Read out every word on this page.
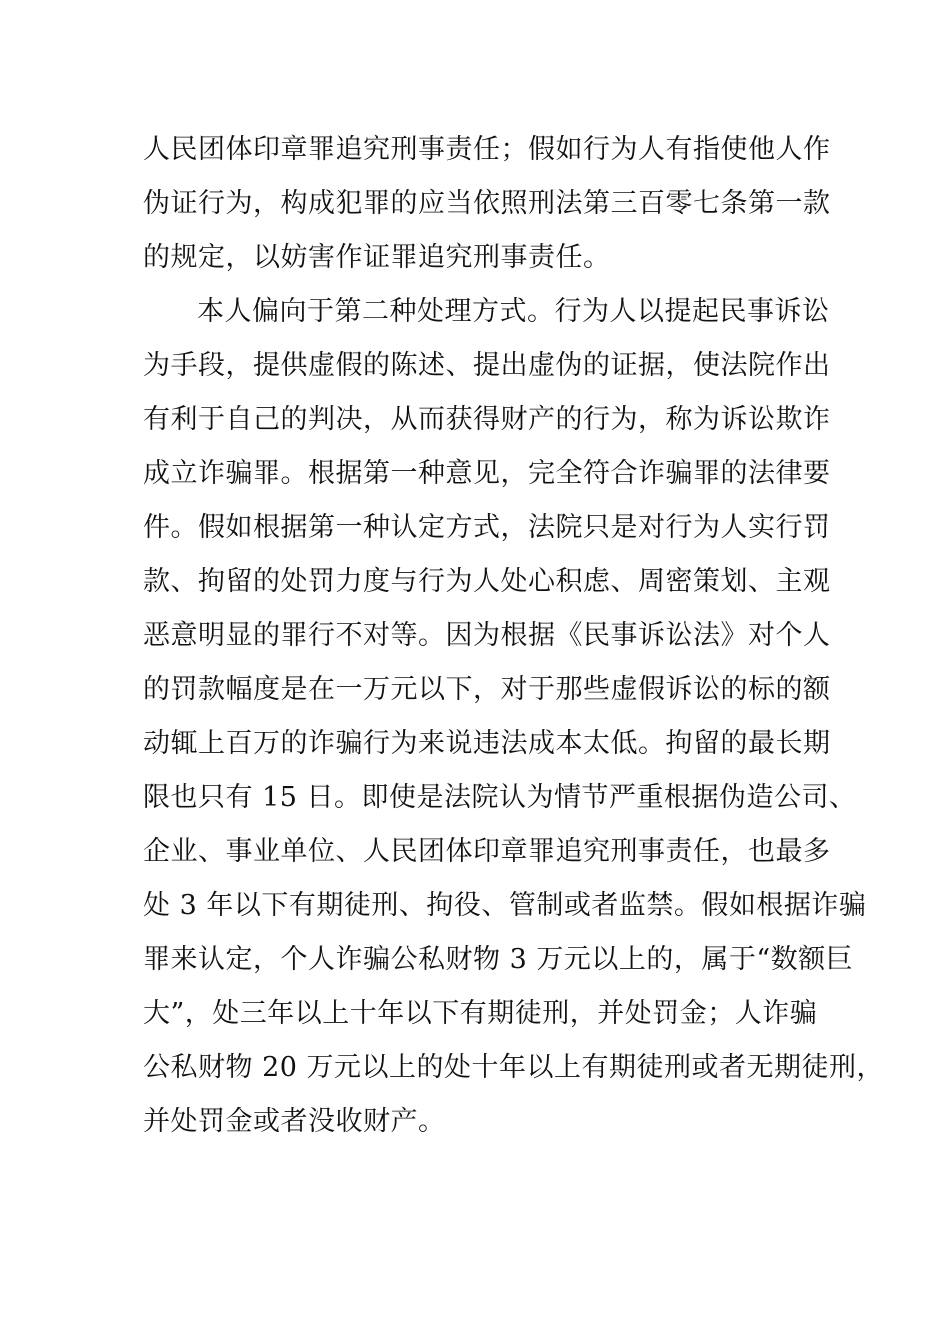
人民团体印章罪追究刑事责任；假如行为人有指使他人作
伪证行为，构成犯罪的应当依照刑法第三百零七条第一款
的规定，以妨害作证罪追究刑事责任。
本人偏向于第二种处理方式。行为人以提起民事诉讼
为手段，提供虚假的陈述、提出虚伪的证据，使法院作出
有利于自己的判决，从而获得财产的行为，称为诉讼欺诈
成立诈骗罪。根据第一种意见，完全符合诈骗罪的法律要
件。假如根据第一种认定方式，法院只是对行为人实行罚
款、拘留的处罚力度与行为人处心积虑、周密策划、主观
恶意明显的罪行不对等。因为根据《民事诉讼法》对个人
的罚款幅度是在一万元以下，对于那些虚假诉讼的标的额
动辄上百万的诈骗行为来说违法成本太低。拘留的最长期
限也只有 15 日。即使是法院认为情节严重根据伪造公司、
企业、事业单位、人民团体印章罪追究刑事责任，也最多
处 3 年以下有期徒刑、拘役、管制或者监禁。假如根据诈骗
罪来认定，个人诈骗公私财物 3 万元以上的，属于“数额巨
大”，处三年以上十年以下有期徒刑，并处罚金；人诈骗
公私财物 20 万元以上的处十年以上有期徒刑或者无期徒刑，
并处罚金或者没收财产。
